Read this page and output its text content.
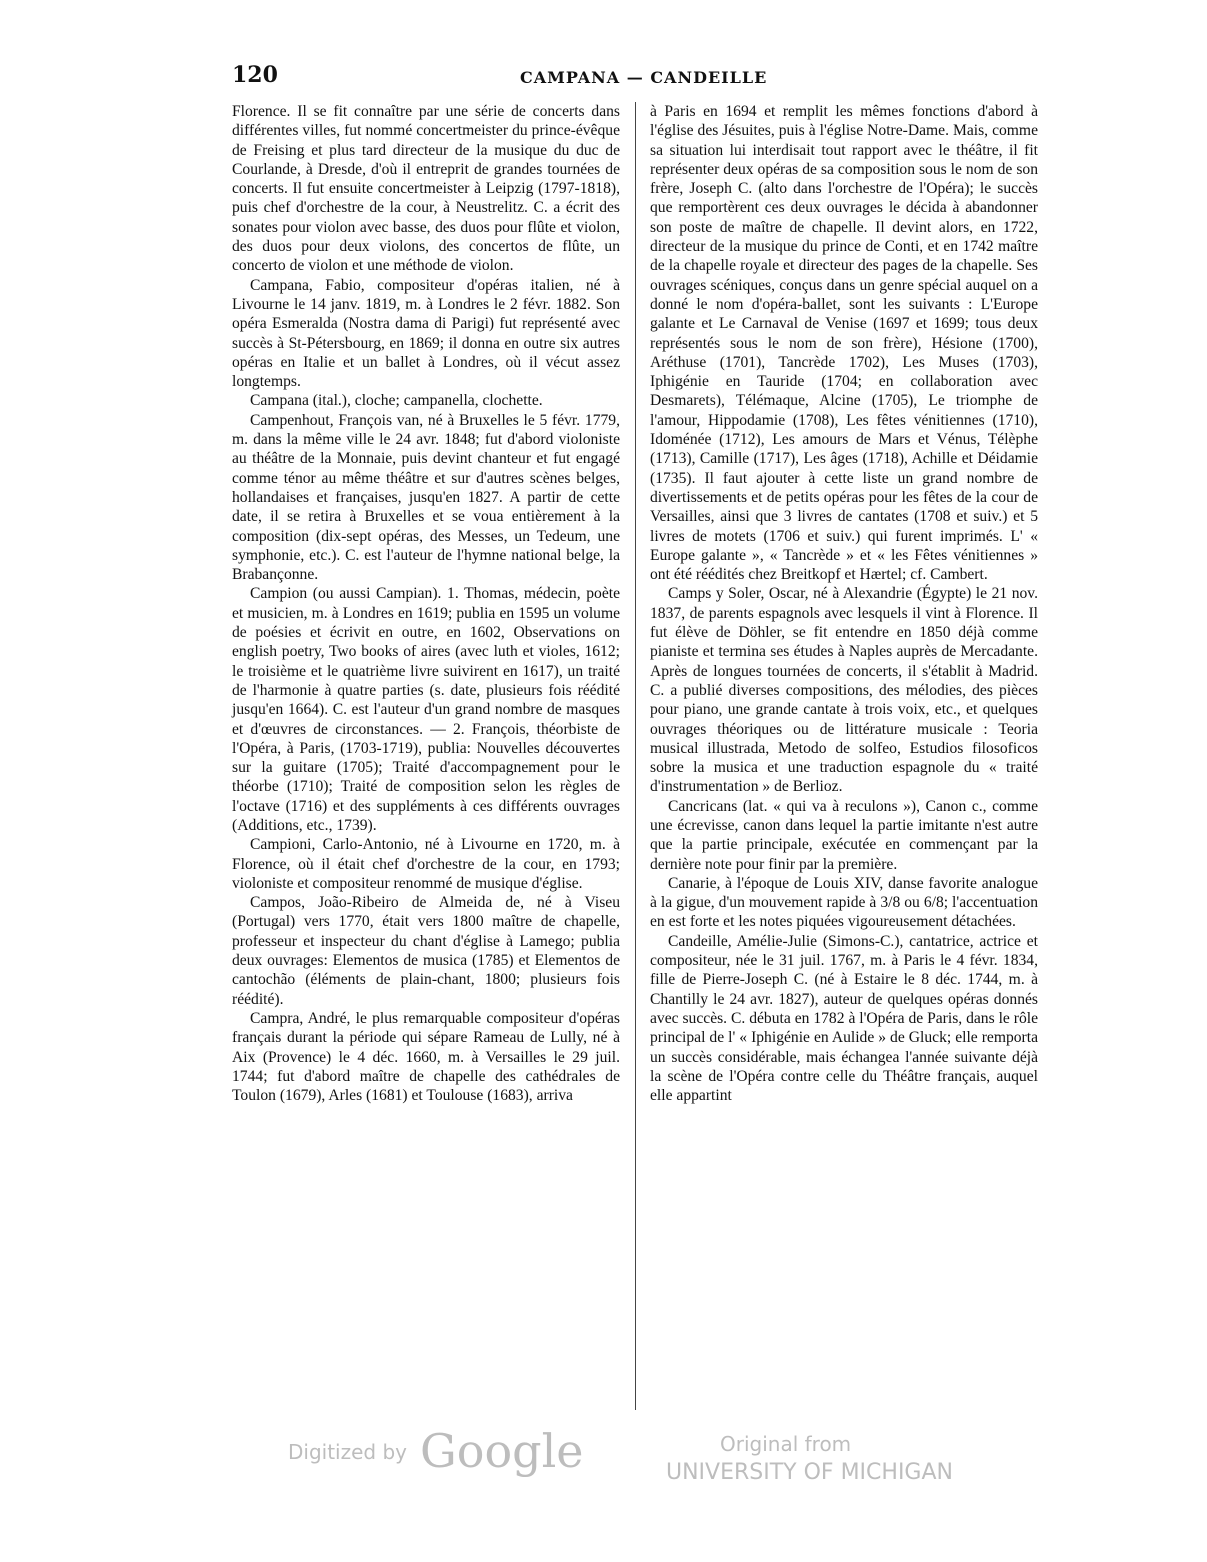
120	CAMPANA — CANDEILLE

Florence. Il se fit connaître par une série de concerts dans différentes villes, fut nommé concertmeister du prince-évêque de Freising et plus tard directeur de la musique du duc de Courlande, à Dresde, d'où il entreprit de grandes tournées de concerts. Il fut ensuite concertmeister à Leipzig (1797-1818), puis chef d'orchestre de la cour, à Neustrelitz. C. a écrit des sonates pour violon avec basse, des duos pour flûte et violon, des duos pour deux violons, des concertos de flûte, un concerto de violon et une méthode de violon.

Campana, Fabio, compositeur d'opéras italien, né à Livourne le 14 janv. 1819, m. à Londres le 2 févr. 1882. Son opéra Esmeralda (Nostra dama di Parigi) fut représenté avec succès à St-Pétersbourg, en 1869; il donna en outre six autres opéras en Italie et un ballet à Londres, où il vécut assez longtemps.

Campana (ital.), cloche; campanella, clochette.

Campenhout, François van, né à Bruxelles le 5 févr. 1779, m. dans la même ville le 24 avr. 1848; fut d'abord violoniste au théâtre de la Monnaie, puis devint chanteur et fut engagé comme ténor au même théâtre et sur d'autres scènes belges, hollandaises et françaises, jusqu'en 1827. A partir de cette date, il se retira à Bruxelles et se voua entièrement à la composition (dix-sept opéras, des Messes, un Tedeum, une symphonie, etc.). C. est l'auteur de l'hymne national belge, la Brabançonne.

Campion (ou aussi Campian). 1. Thomas, médecin, poète et musicien, m. à Londres en 1619; publia en 1595 un volume de poésies et écrivit en outre, en 1602, Observations on english poetry, Two books of aires (avec luth et violes, 1612; le troisième et le quatrième livre suivirent en 1617), un traité de l'harmonie à quatre parties (s. date, plusieurs fois réédité jusqu'en 1664). C. est l'auteur d'un grand nombre de masques et d'œuvres de circonstances. — 2. François, théorbiste de l'Opéra, à Paris, (1703-1719), publia: Nouvelles découvertes sur la guitare (1705); Traité d'accompagnement pour le théorbe (1710); Traité de composition selon les règles de l'octave (1716) et des suppléments à ces différents ouvrages (Additions, etc., 1739).

Campioni, Carlo-Antonio, né à Livourne en 1720, m. à Florence, où il était chef d'orchestre de la cour, en 1793; violoniste et compositeur renommé de musique d'église.

Campos, João-Ribeiro de Almeida de, né à Viseu (Portugal) vers 1770, était vers 1800 maître de chapelle, professeur et inspecteur du chant d'église à Lamego; publia deux ouvrages: Elementos de musica (1785) et Elementos de cantochão (éléments de plain-chant, 1800; plusieurs fois réédité).

Campra, André, le plus remarquable compositeur d'opéras français durant la période qui sépare Rameau de Lully, né à Aix (Provence) le 4 déc. 1660, m. à Versailles le 29 juil. 1744; fut d'abord maître de chapelle des cathédrales de Toulon (1679), Arles (1681) et Toulouse (1683), arriva

à Paris en 1694 et remplit les mêmes fonctions d'abord à l'église des Jésuites, puis à l'église Notre-Dame. Mais, comme sa situation lui interdisait tout rapport avec le théâtre, il fit représenter deux opéras de sa composition sous le nom de son frère, Joseph C. (alto dans l'orchestre de l'Opéra); le succès que remportèrent ces deux ouvrages le décida à abandonner son poste de maître de chapelle. Il devint alors, en 1722, directeur de la musique du prince de Conti, et en 1742 maître de la chapelle royale et directeur des pages de la chapelle. Ses ouvrages scéniques, conçus dans un genre spécial auquel on a donné le nom d'opéra-ballet, sont les suivants : L'Europe galante et Le Carnaval de Venise (1697 et 1699; tous deux représentés sous le nom de son frère), Hésione (1700), Aréthuse (1701), Tancrède 1702), Les Muses (1703), Iphigénie en Tauride (1704; en collaboration avec Desmarets), Télémaque, Alcine (1705), Le triomphe de l'amour, Hippodamie (1708), Les fêtes vénitiennes (1710), Idoménée (1712), Les amours de Mars et Vénus, Télèphe (1713), Camille (1717), Les âges (1718), Achille et Déidamie (1735). Il faut ajouter à cette liste un grand nombre de divertissements et de petits opéras pour les fêtes de la cour de Versailles, ainsi que 3 livres de cantates (1708 et suiv.) et 5 livres de motets (1706 et suiv.) qui furent imprimés. L' « Europe galante », « Tancrède » et « les Fêtes vénitiennes » ont été réédités chez Breitkopf et Hærtel; cf. Cambert.

Camps y Soler, Oscar, né à Alexandrie (Égypte) le 21 nov. 1837, de parents espagnols avec lesquels il vint à Florence. Il fut élève de Döhler, se fit entendre en 1850 déjà comme pianiste et termina ses études à Naples auprès de Mercadante. Après de longues tournées de concerts, il s'établit à Madrid. C. a publié diverses compositions, des mélodies, des pièces pour piano, une grande cantate à trois voix, etc., et quelques ouvrages théoriques ou de littérature musicale : Teoria musical illustrada, Metodo de solfeo, Estudios filosoficos sobre la musica et une traduction espagnole du « traité d'instrumentation » de Berlioz.

Cancricans (lat. « qui va à reculons »), Canon c., comme une écrevisse, canon dans lequel la partie imitante n'est autre que la partie principale, exécutée en commençant par la dernière note pour finir par la première.

Canarie, à l'époque de Louis XIV, danse favorite analogue à la gigue, d'un mouvement rapide à 3/8 ou 6/8; l'accentuation en est forte et les notes piquées vigoureusement détachées.

Candeille, Amélie-Julie (Simons-C.), cantatrice, actrice et compositeur, née le 31 juil. 1767, m. à Paris le 4 févr. 1834, fille de Pierre-Joseph C. (né à Estaire le 8 déc. 1744, m. à Chantilly le 24 avr. 1827), auteur de quelques opéras donnés avec succès. C. débuta en 1782 à l'Opéra de Paris, dans le rôle principal de l' « Iphigénie en Aulide » de Gluck; elle remporta un succès considérable, mais échangea l'année suivante déjà la scène de l'Opéra contre celle du Théâtre français, auquel elle appartint

Digitized by Google	Original from
UNIVERSITY OF MICHIGAN
